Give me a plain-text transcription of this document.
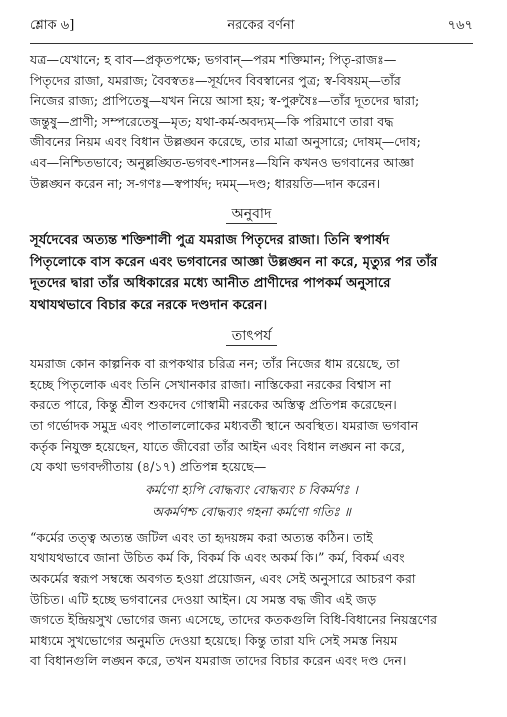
শ্লোক ৬]	নরকের বর্ণনা	৭৬৭
যত্র—যেখানে; হ বাব—প্রকৃতপক্ষে; ভগবান্—পরম শক্তিমান; পিতৃ-রাজঃ—
পিতৃদের রাজা, যমরাজ; বৈবস্বতঃ—সূর্যদেব বিবস্বানের পুত্র; স্ব-বিষয়ম্—তাঁর
নিজের রাজ্য; প্রাপিতেষু—যখন নিয়ে আসা হয়; স্ব-পুরুষৈঃ—তাঁর দূতদের দ্বারা;
জন্তুষু—প্রাণী; সম্পরেতেষু—মৃত; যথা-কর্ম-অবদ্যম্—কি পরিমাণে তারা বদ্ধ
জীবনের নিয়ম এবং বিধান উল্লঙ্ঘন করেছে, তার মাত্রা অনুসারে; দোষম্—দোষ;
এব—নিশ্চিতভাবে; অনুল্লঙ্ঘিত-ভগবৎ-শাসনঃ—যিনি কখনও ভগবানের আজ্ঞা
উল্লঙ্ঘন করেন না; স-গণঃ—স্বপার্ষদ; দমম্—দণ্ড; ধারয়তি—দান করেন।
অনুবাদ
সূর্যদেবের অত্যন্ত শক্তিশালী পুত্র যমরাজ পিতৃদের রাজা। তিনি স্বপার্ষদ
পিতৃলোকে বাস করেন এবং ভগবানের আজ্ঞা উল্লঙ্ঘন না করে, মৃত্যুর পর তাঁর
দূতদের দ্বারা তাঁর অধিকারের মধ্যে আনীত প্রাণীদের পাপকর্ম অনুসারে
যথাযথভাবে বিচার করে নরকে দণ্ডদান করেন।
তাৎপর্য
যমরাজ কোন কাল্পনিক বা রূপকথার চরিত্র নন; তাঁর নিজের ধাম রয়েছে, তা
হচ্ছে পিতৃলোক এবং তিনি সেখানকার রাজা। নাস্তিকেরা নরকের বিশ্বাস না
করতে পারে, কিন্তু শ্রীল শুকদেব গোস্বামী নরকের অস্তিত্ব প্রতিপন্ন করেছেন।
তা গর্ভোদক সমুদ্র এবং পাতাললোকের মধ্যবর্তী স্থানে অবস্থিত। যমরাজ ভগবান
কর্তৃক নিযুক্ত হয়েছেন, যাতে জীবেরা তাঁর আইন এবং বিধান লঙ্ঘন না করে,
যে কথা ভগবদ্গীতায় (৪/১৭) প্রতিপন্ন হয়েছে—
কর্মণো হ্যপি বোদ্ধব্যং বোদ্ধব্যং চ বিকর্মণঃ ।
অকর্মণশ্চ বোদ্ধব্যং গহনা কর্মণো গতিঃ ॥
“কর্মের তত্ত্ব অত্যন্ত জটিল এবং তা হৃদয়ঙ্গম করা অত্যন্ত কঠিন। তাই
যথাযথভাবে জানা উচিত কর্ম কি, বিকর্ম কি এবং অকর্ম কি।” কর্ম, বিকর্ম এবং
অকর্মের স্বরূপ সম্বন্ধে অবগত হওয়া প্রয়োজন, এবং সেই অনুসারে আচরণ করা
উচিত। এটি হচ্ছে ভগবানের দেওয়া আইন। যে সমস্ত বদ্ধ জীব এই জড়
জগতে ইন্দ্রিয়সুখ ভোগের জন্য এসেছে, তাদের কতকগুলি বিধি-বিধানের নিয়ন্ত্রণের
মাধ্যমে সুখভোগের অনুমতি দেওয়া হয়েছে। কিন্তু তারা যদি সেই সমস্ত নিয়ম
বা বিধানগুলি লঙ্ঘন করে, তখন যমরাজ তাদের বিচার করেন এবং দণ্ড দেন।
